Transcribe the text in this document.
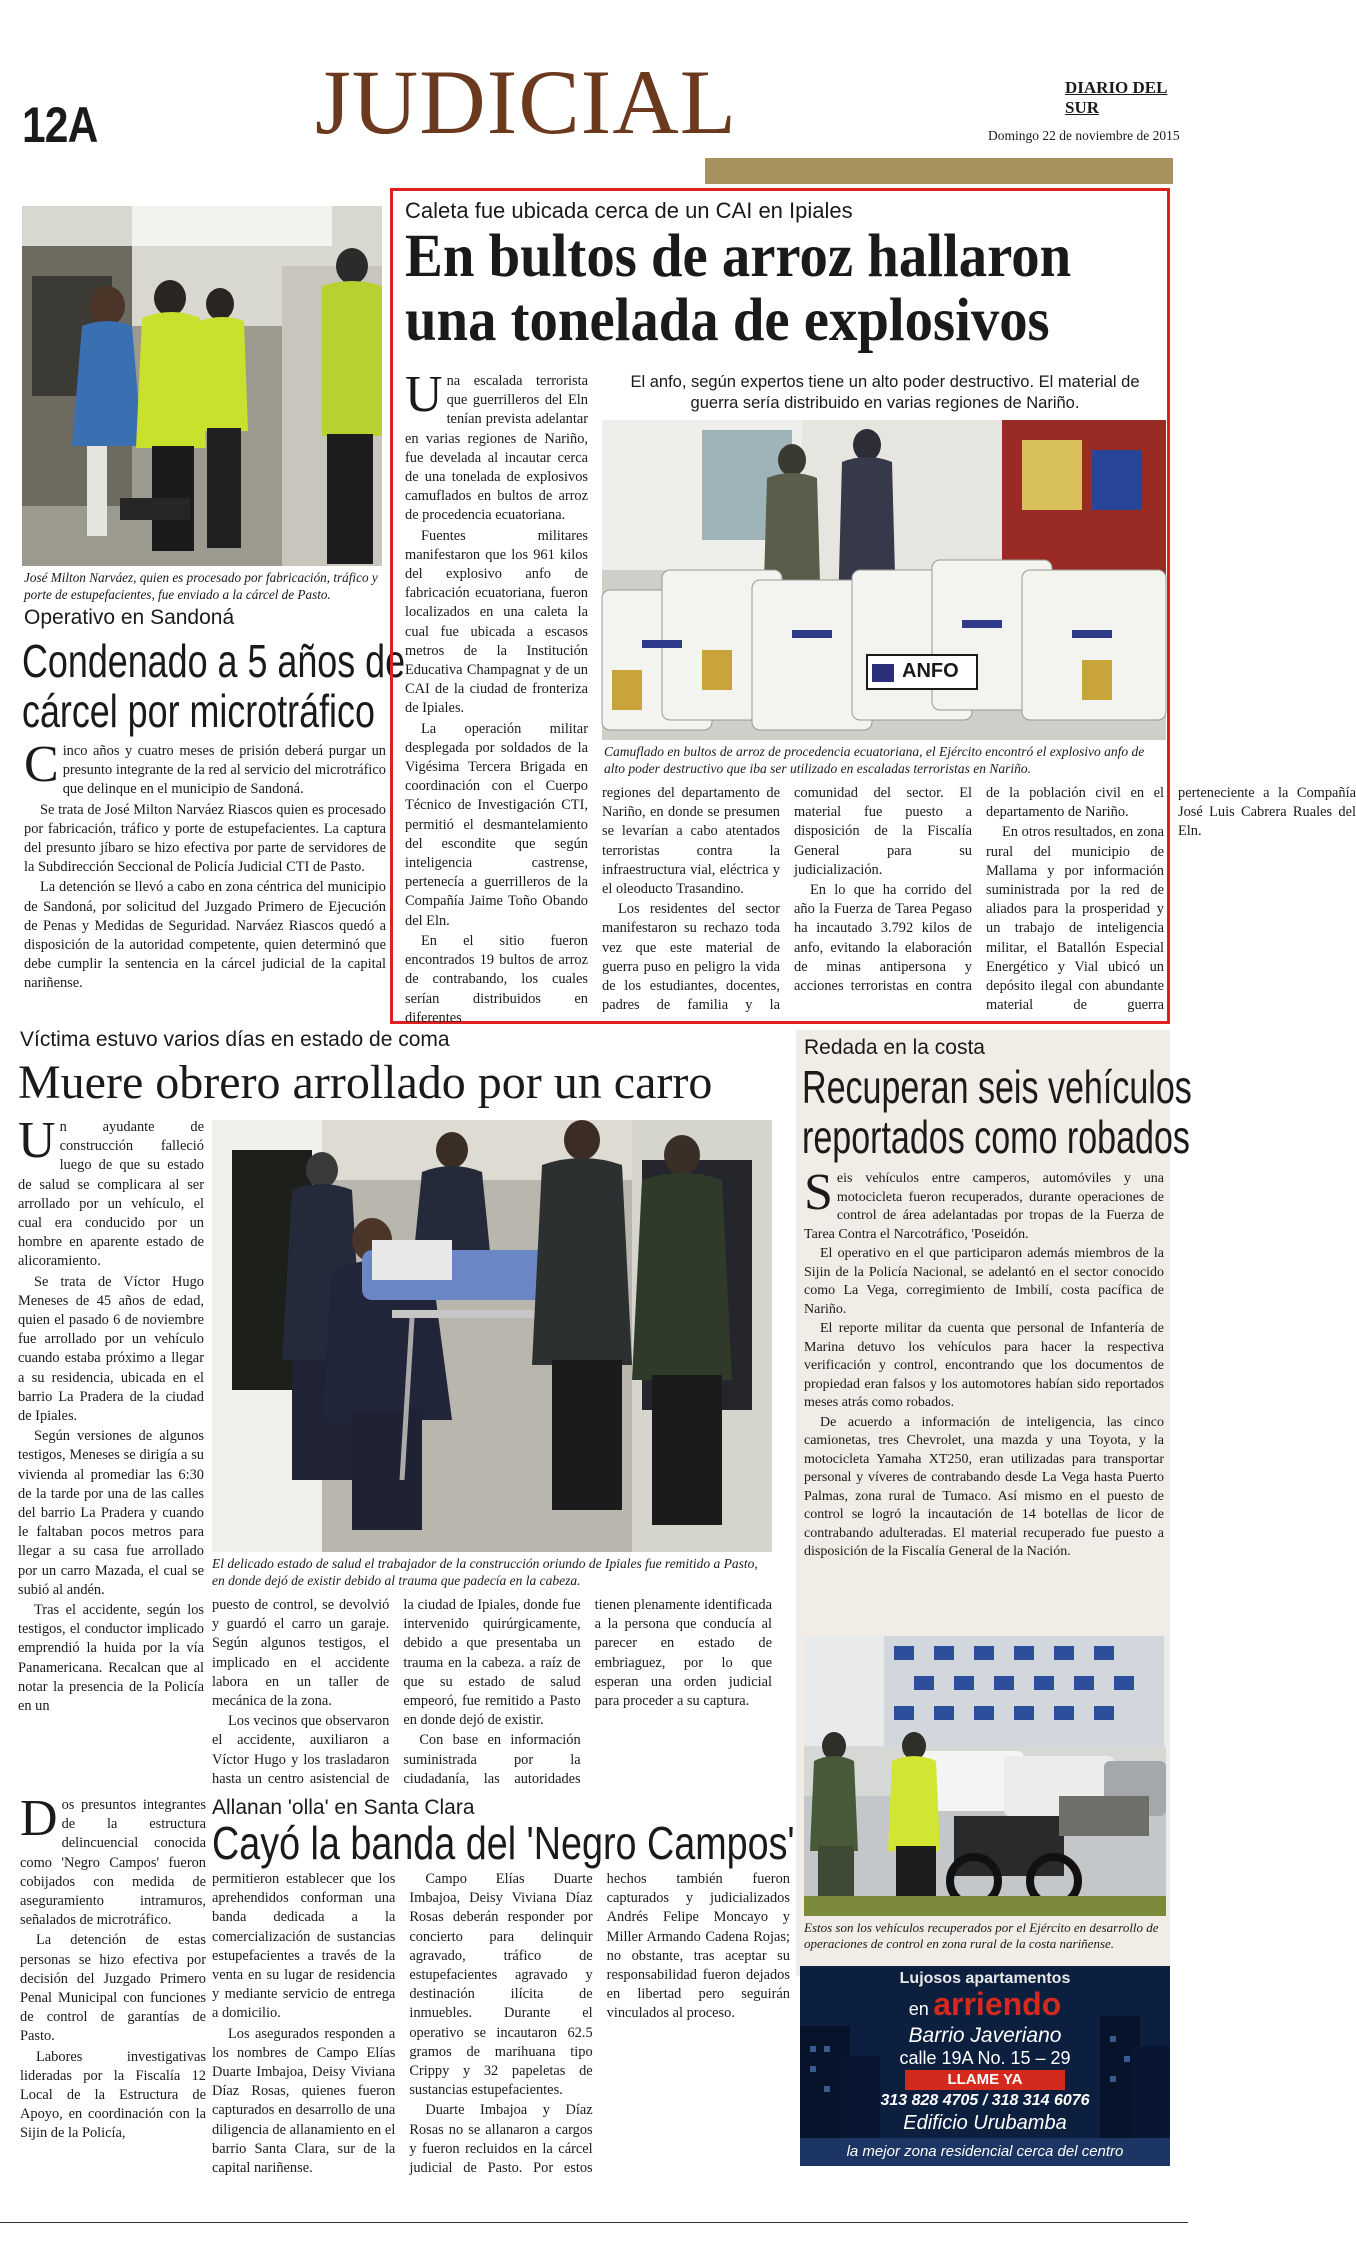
12A JUDICIAL	DIARIO DEL SUR
Domingo 22 de noviembre de 2015
José Milton Narváez, quien es procesado por fabricación, tráfico y porte de estupefacientes, fue enviado a la cárcel de Pasto.
Operativo en Sandoná
Condenado a 5 años de
cárcel por microtráfico
C inco años y cuatro meses de prisión deberá purgar un presunto integrante de la red al servicio del microtráfico que delinque en el municipio de Sandoná.

Se trata de José Milton Narváez Riascos quien es procesado por fabricación, tráfico y porte de estupefacientes. La captura del presunto jíbaro se hizo efectiva por parte de servidores de la Subdirección Seccional de Policía Judicial CTI de Pasto.

La detención se llevó a cabo en zona céntrica del municipio de Sandoná, por solicitud del Juzgado Primero de Ejecución de Penas y Medidas de Seguridad. Narváez Riascos quedó a disposición de la autoridad competente, quien determinó que debe cumplir la sentencia en la cárcel judicial de la capital nariñense.

Caleta fue ubicada cerca de un CAI en Ipiales
En bultos de arroz hallaron
una tonelada de explosivos
U na escalada terrorista que guerrilleros del Eln tenían prevista adelantar en varias regiones de Nariño, fue develada al incautar cerca de una tonelada de explosivos camuflados en bultos de arroz de procedencia ecuatoriana.

Fuentes militares manifestaron que los 961 kilos del explosivo anfo de fabricación ecuatoriana, fueron localizados en una caleta la cual fue ubicada a escasos metros de la Institución Educativa Champagnat y de un CAI de la ciudad de fronteriza de Ipiales.

La operación militar desplegada por soldados de la Vigésima Tercera Brigada en coordinación con el Cuerpo Técnico de Investigación CTI, permitió el desmantelamiento del escondite que según inteligencia castrense, pertenecía a guerrilleros de la Compañía Jaime Toño Obando del Eln.

En el sitio fueron encontrados 19 bultos de arroz de contrabando, los cuales serían distribuidos en diferentes

El anfo, según expertos tiene un alto poder destructivo. El material de guerra sería distribuido en varias regiones de Nariño.
ANFO
Camuflado en bultos de arroz de procedencia ecuatoriana, el Ejército encontró el explosivo anfo de alto poder destructivo que iba ser utilizado en escaladas terroristas en Nariño.

regiones del departamento de Nariño, en donde se presumen se levarían a cabo atentados terroristas contra la infraestructura vial, eléctrica y el oleoducto Trasandino.

Los residentes del sector manifestaron su rechazo toda vez que este material de guerra puso en peligro la vida de los estudiantes, docentes, padres de familia y la comunidad del sector. El material fue puesto a disposición de la Fiscalía General para su judicialización.

En lo que ha corrido del año la Fuerza de Tarea Pegaso ha incautado 3.792 kilos de anfo, evitando la elaboración de minas antipersona y acciones terroristas en contra de la población civil en el departamento de Nariño.

En otros resultados, en zona rural del municipio de Mallama y por información suministrada por la red de aliados para la prosperidad y un trabajo de inteligencia militar, el Batallón Especial Energético y Vial ubicó un depósito ilegal con abundante material de guerra perteneciente a la Compañía José Luis Cabrera Ruales del Eln.

Víctima estuvo varios días en estado de coma
Muere obrero arrollado por un carro
U n ayudante de construcción falleció luego de que su estado de salud se complicara al ser arrollado por un vehículo, el cual era conducido por un hombre en aparente estado de alicoramiento.

Se trata de Víctor Hugo Meneses de 45 años de edad, quien el pasado 6 de noviembre fue arrollado por un vehículo cuando estaba próximo a llegar a su residencia, ubicada en el barrio La Pradera de la ciudad de Ipiales.

Según versiones de algunos testigos, Meneses se dirigía a su vivienda al promediar las 6:30 de la tarde por una de las calles del barrio La Pradera y cuando le faltaban pocos metros para llegar a su casa fue arrollado por un carro Mazada, el cual se subió al andén.

Tras el accidente, según los testigos, el conductor implicado emprendió la huida por la vía Panamericana. Recalcan que al notar la presencia de la Policía en un

El delicado estado de salud el trabajador de la construcción oriundo de Ipiales fue remitido a Pasto, en donde dejó de existir debido al trauma que padecía en la cabeza.

puesto de control, se devolvió y guardó el carro un garaje. Según algunos testigos, el implicado en el accidente labora en un taller de mecánica de la zona.

Los vecinos que observaron el accidente, auxiliaron a Víctor Hugo y los trasladaron hasta un centro asistencial de la ciudad de Ipiales, donde fue intervenido quirúrgicamente, debido a que presentaba un trauma en la cabeza. a raíz de que su estado de salud empeoró, fue remitido a Pasto en donde dejó de existir.

Con base en información suministrada por la ciudadanía, las autoridades tienen plenamente identificada a la persona que conducía al parecer en estado de embriaguez, por lo que esperan una orden judicial para proceder a su captura.

Redada en la costa
Recuperan seis vehículos
reportados como robados
S eis vehículos entre camperos, automóviles y una motocicleta fueron recuperados, durante operaciones de control de área adelantadas por tropas de la Fuerza de Tarea Contra el Narcotráfico, 'Poseidón.

El operativo en el que participaron además miembros de la Sijin de la Policía Nacional, se adelantó en el sector conocido como La Vega, corregimiento de Imbilí, costa pacífica de Nariño.

El reporte militar da cuenta que personal de Infantería de Marina detuvo los vehículos para hacer la respectiva verificación y control, encontrando que los documentos de propiedad eran falsos y los automotores habían sido reportados meses atrás como robados.

De acuerdo a información de inteligencia, las cinco camionetas, tres Chevrolet, una mazda y una Toyota, y la motocicleta Yamaha XT250, eran utilizadas para transportar personal y víveres de contrabando desde La Vega hasta Puerto Palmas, zona rural de Tumaco. Así mismo en el puesto de control se logró la incautación de 14 botellas de licor de contrabando adulteradas. El material recuperado fue puesto a disposición de la Fiscalía General de la Nación.

Estos son los vehículos recuperados por el Ejército en desarrollo de operaciones de control en zona rural de la costa nariñense.
D os presuntos integrantes de la estructura delincuencial conocida como 'Negro Campos' fueron cobijados con medida de aseguramiento intramuros, señalados de microtráfico.

La detención de estas personas se hizo efectiva por decisión del Juzgado Primero Penal Municipal con funciones de control de garantías de Pasto.

Labores investigativas lideradas por la Fiscalía 12 Local de la Estructura de Apoyo, en coordinación con la Sijin de la Policía,

Allanan 'olla' en Santa Clara
Cayó la banda del 'Negro Campos'

permitieron establecer que los aprehendidos conforman una banda dedicada a la comercialización de sustancias estupefacientes a través de la venta en su lugar de residencia y mediante servicio de entrega a domicilio.

Los asegurados responden a los nombres de Campo Elías Duarte Imbajoa, Deisy Viviana Díaz Rosas, quienes fueron capturados en desarrollo de una diligencia de allanamiento en el barrio Santa Clara, sur de la capital nariñense.

Campo Elías Duarte Imbajoa, Deisy Viviana Díaz Rosas deberán responder por concierto para delinquir agravado, tráfico de estupefacientes agravado y destinación ilícita de inmuebles. Durante el operativo se incautaron 62.5 gramos de marihuana tipo Crippy y 32 papeletas de sustancias estupefacientes.

Duarte Imbajoa y Díaz Rosas no se allanaron a cargos y fueron recluidos en la cárcel judicial de Pasto. Por estos hechos también fueron capturados y judicializados Andrés Felipe Moncayo y Miller Armando Cadena Rojas; no obstante, tras aceptar su responsabilidad fueron dejados en libertad pero seguirán vinculados al proceso.

Lujosos apartamentos
en arriendo
Barrio Javeriano
calle 19A No. 15 – 29
LLAME YA
313 828 4705 / 318 314 6076
Edificio Urubamba
la mejor zona residencial cerca del centro
